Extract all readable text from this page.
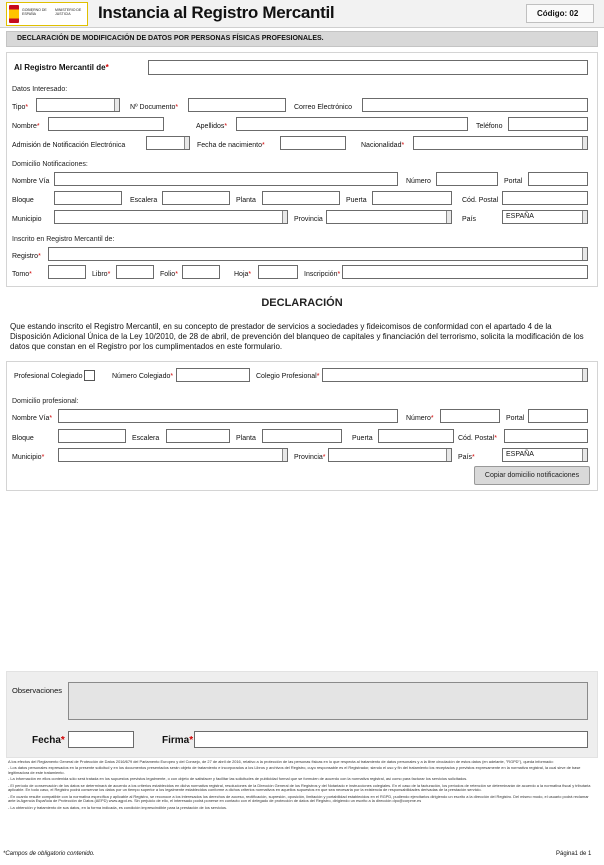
GOBIERNO DE ESPAÑA
MINISTERIO DE JUSTICIA	Instancia al Registro Mercantil	Código: 02
DECLARACIÓN DE MODIFICACIÓN DE DATOS POR PERSONAS FÍSICAS PROFESIONALES.
Al Registro Mercantil de *
Datos Interesado:
Tipo *	Nº Documento *	Correo Electrónico
Nombre *	Apellidos *	Teléfono
Admisión de Notificación Electrónica	Fecha de nacimiento *	Nacionalidad *
Domicilio Notificaciones:
Nombre Vía	Número	Portal
Bloque	Escalera	Planta	Puerta	Cód. Postal
Municipio	Provincia	País	ESPAÑA
Inscrito en Registro Mercantil de:
Registro *
Tomo *	Libro *	Folio *	Hoja *	Inscripción *
DECLARACIÓN
Que estando inscrito el Registro Mercantil, en su concepto de prestador de servicios a sociedades y fideicomisos de conformidad con el apartado 4 de la Disposición Adicional Única de la Ley 10/2010, de 28 de abril, de prevención del blanqueo de capitales y financiación del terrorismo, solicita la modificación de los datos que constan en el Registro por los cumplimentados en este formulario.
Profesional Colegiado	Número Colegiado *	Colegio Profesional *
Domicilio profesional:
Nombre Vía *	Número *	Portal
Bloque	Escalera	Planta	Puerta	Cód. Postal *
Municipio *	Provincia *	País *	ESPAÑA
Copiar domicilio notificaciones
Observaciones
Fecha *	Firma *

A los efectos del Reglamento General de Protección de Datos 2016/679 del Parlamento Europeo y del Consejo, de 27 de abril de 2016, relativo a la protección de las personas físicas en lo que respecta al tratamiento de datos personales y a la libre circulación de estos datos (en adelante, "RGPD"), queda informado:

- Los datos personales expresados en la presente solicitud y en los documentos presentados serán objeto de tratamiento e incorporados a los Libros y archivos del Registro, cuyo responsable es el Registrador, siendo el uso y fin del tratamiento los receptados y previstos expresamente en la normativa registral, la cual sirve de base legitimadora de este tratamiento.

- La información en ellos contenida sólo será tratada en los supuestos previstos legalmente, o con objeto de satisfacer y facilitar las solicitudes de publicidad formal que se formulen de acuerdo con la normativa registral, así como para facturar los servicios solicitados.

- El período de conservación de los datos se determinará de acuerdo a los criterios establecidos en dicha normativa registral, resoluciones de la Dirección General de los Registros y del Notariado e instrucciones colegiales. En el caso de la facturación, los períodos de retención se determinarán de acuerdo a la normativa fiscal y tributaria aplicable. En todo caso, el Registro podrá conservar los datos por un tiempo superior a los legalmente establecidos conforme a dichos criterios normativos en aquellos supuestos en que sea necesaria por la existencia de responsabilidades derivadas de la prestación servicio.

- En cuanto resulte compatible con la normativa específica y aplicable al Registro, se reconoce a los interesados los derechos de acceso, rectificación, supresión, oposición, limitación y portabilidad establecidos en el RGPD, pudiendo ejercitarlos dirigiendo un escrito a la dirección del Registro. Del mismo modo, el usuario podrá reclamar ante la Agencia Española de Protección de Datos (AEPD) www.agpd.es. Sin perjuicio de ello, el interesado podrá ponerse en contacto con el delegado de protección de datos del Registro, dirigiendo un escrito a la dirección dpo@corpme.es

- La obtención y tratamiento de sus datos, en la forma indicada, es condición imprescindible para la prestación de los servicios.

*Campos de obligatorio contenido.	Página1 de 1
